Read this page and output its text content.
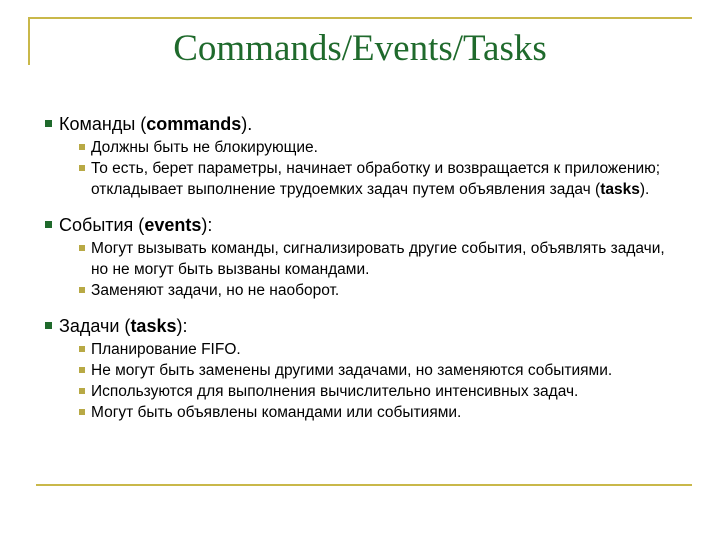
Commands/Events/Tasks
Команды (commands).
Должны быть не блокирующие.
То есть, берет параметры, начинает обработку и возвращается к приложению; откладывает выполнение трудоемких задач путем объявления задач (tasks).
События (events):
Могут вызывать команды, сигнализировать другие события, объявлять задачи, но не могут быть вызваны командами.
Заменяют задачи, но не наоборот.
Задачи (tasks):
Планирование FIFO.
Не могут быть заменены другими задачами, но заменяются событиями.
Используются для выполнения вычислительно интенсивных задач.
Могут быть объявлены командами или событиями.
